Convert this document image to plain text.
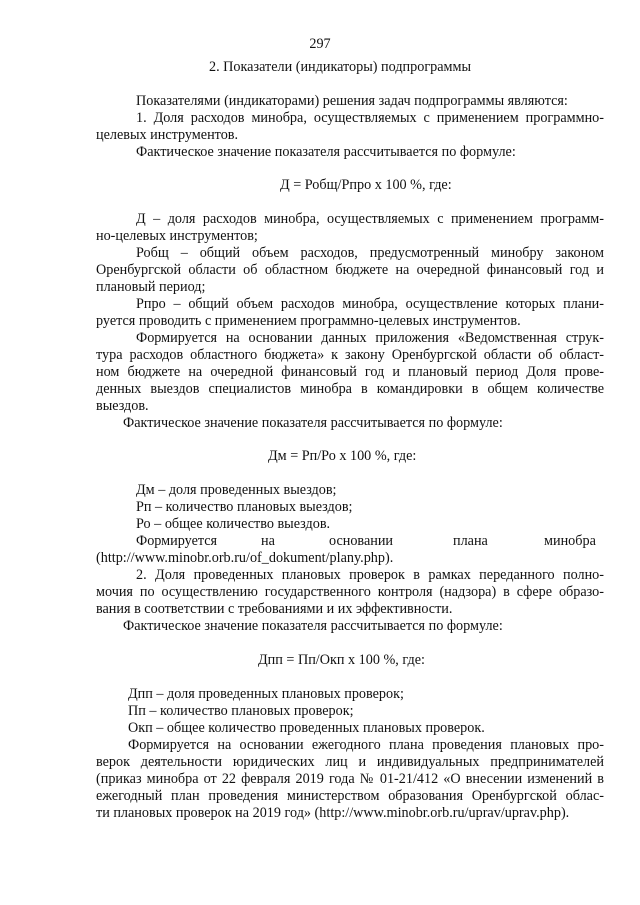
297

2. Показатели (индикаторы) подпрограммы

Показателями (индикаторами) решения задач подпрограммы являются:

1. Доля расходов минобра, осуществляемых с применением программно-

целевых инструментов.

Фактическое значение показателя рассчитывается по формуле:

Д = Робщ/Рпро х 100 %, где:

Д – доля расходов минобра, осуществляемых с применением программ-

но-целевых инструментов;

Робщ – общий объем расходов, предусмотренный минобру законом

Оренбургской области об областном бюджете на очередной финансовый год и

плановый период;

Рпро – общий объем расходов минобра, осуществление которых плани-

руется проводить с применением программно-целевых инструментов.

Формируется на основании данных приложения «Ведомственная струк-

тура расходов областного бюджета» к закону Оренбургской области об област-

ном бюджете на очередной финансовый год и плановый период Доля прове-

денных выездов специалистов минобра в командировки в общем количестве

выездов.

Фактическое значение показателя рассчитывается по формуле:

Дм = Рп/Ро х 100 %, где:

Дм – доля проведенных выездов;

Рп – количество плановых выездов;

Ро – общее количество выездов.

Формируется	на	основании	плана	минобра

(http://www.minobr.orb.ru/of_dokument/plany.php).

2. Доля проведенных плановых проверок в рамках переданного полно-

мочия по осуществлению государственного контроля (надзора) в сфере образо-

вания в соответствии с требованиями и их эффективности.

Фактическое значение показателя рассчитывается по формуле:

Дпп = Пп/Окп х 100 %, где:

Дпп – доля проведенных плановых проверок;

Пп – количество плановых проверок;

Окп – общее количество проведенных плановых проверок.

Формируется на основании ежегодного плана проведения плановых про-

верок деятельности юридических лиц и индивидуальных предпринимателей

(приказ минобра от 22 февраля 2019 года № 01-21/412 «О внесении изменений в

ежегодный план проведения министерством образования Оренбургской облас-

ти плановых проверок на 2019 год» (http://www.minobr.orb.ru/uprav/uprav.php).
